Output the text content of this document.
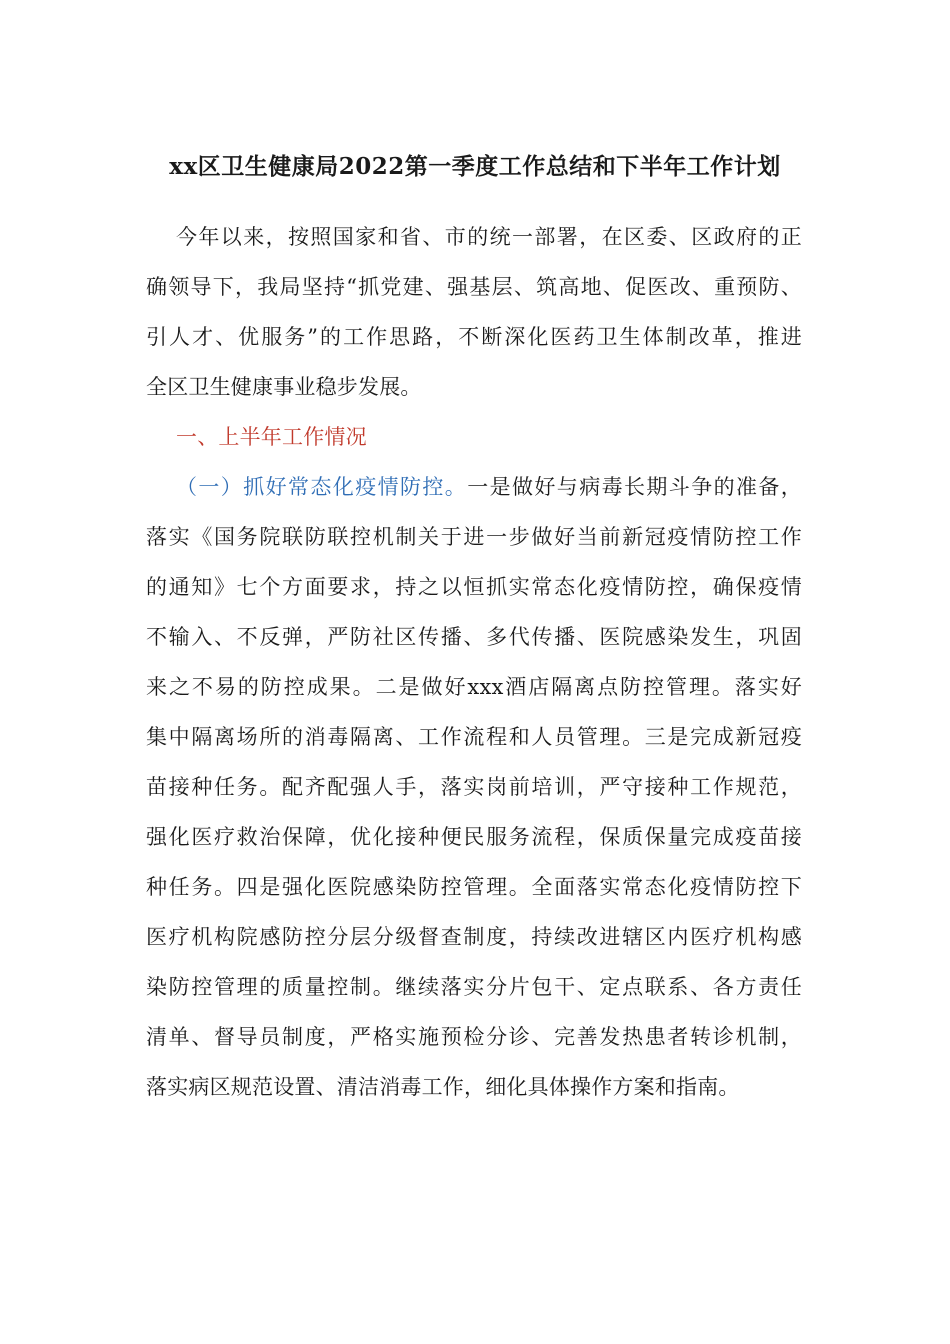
xx区卫生健康局2022第一季度工作总结和下半年工作计划
今年以来，按照国家和省、市的统一部署，在区委、区政府的正
确领导下，我局坚持“抓党建、强基层、筑高地、促医改、重预防、
引人才、优服务”的工作思路，不断深化医药卫生体制改革，推进
全区卫生健康事业稳步发展。
一、上半年工作情况
（一）抓好常态化疫情防控。一是做好与病毒长期斗争的准备，
落实《国务院联防联控机制关于进一步做好当前新冠疫情防控工作
的通知》七个方面要求，持之以恒抓实常态化疫情防控，确保疫情
不输入、不反弹，严防社区传播、多代传播、医院感染发生，巩固
来之不易的防控成果。二是做好xxx酒店隔离点防控管理。落实好
集中隔离场所的消毒隔离、工作流程和人员管理。三是完成新冠疫
苗接种任务。配齐配强人手，落实岗前培训，严守接种工作规范，
强化医疗救治保障，优化接种便民服务流程，保质保量完成疫苗接
种任务。四是强化医院感染防控管理。全面落实常态化疫情防控下
医疗机构院感防控分层分级督查制度，持续改进辖区内医疗机构感
染防控管理的质量控制。继续落实分片包干、定点联系、各方责任
清单、督导员制度，严格实施预检分诊、完善发热患者转诊机制，
落实病区规范设置、清洁消毒工作，细化具体操作方案和指南。
